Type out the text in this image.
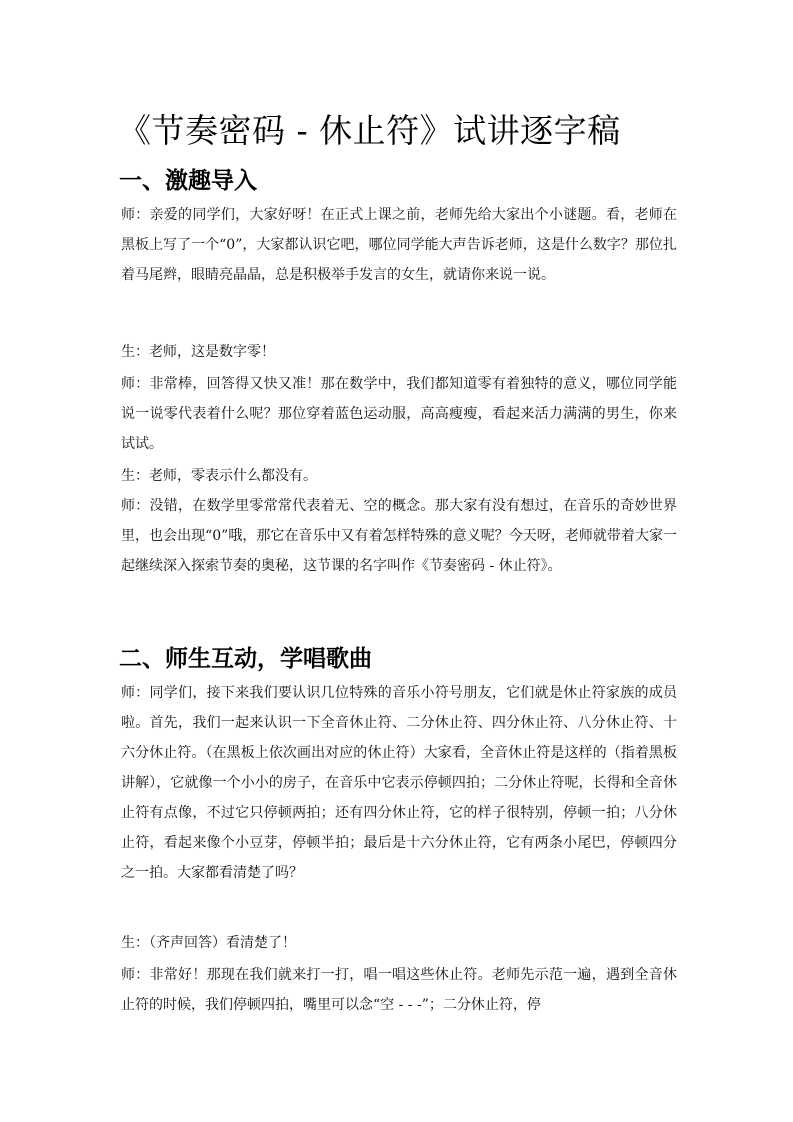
《节奏密码 - 休止符》试讲逐字稿
一、激趣导入

师：亲爱的同学们，大家好呀！在正式上课之前，老师先给大家出个小谜题。看，老师在黑板上写了一个“0”，大家都认识它吧，哪位同学能大声告诉老师，这是什么数字？那位扎着马尾辫，眼睛亮晶晶，总是积极举手发言的女生，就请你来说一说。

生：老师，这是数字零！

师：非常棒，回答得又快又准！那在数学中，我们都知道零有着独特的意义，哪位同学能说一说零代表着什么呢？那位穿着蓝色运动服，高高瘦瘦，看起来活力满满的男生，你来试试。

生：老师，零表示什么都没有。

师：没错，在数学里零常常代表着无、空的概念。那大家有没有想过，在音乐的奇妙世界里，也会出现“0”哦，那它在音乐中又有着怎样特殊的意义呢？今天呀，老师就带着大家一起继续深入探索节奏的奥秘，这节课的名字叫作《节奏密码 - 休止符》。

二、师生互动，学唱歌曲

师：同学们，接下来我们要认识几位特殊的音乐小符号朋友，它们就是休止符家族的成员啦。首先，我们一起来认识一下全音休止符、二分休止符、四分休止符、八分休止符、十六分休止符。（在黑板上依次画出对应的休止符）大家看，全音休止符是这样的（指着黑板讲解），它就像一个小小的房子，在音乐中它表示停顿四拍；二分休止符呢，长得和全音休止符有点像，不过它只停顿两拍；还有四分休止符，它的样子很特别，停顿一拍；八分休止符，看起来像个小豆芽，停顿半拍；最后是十六分休止符，它有两条小尾巴，停顿四分之一拍。大家都看清楚了吗？

生：（齐声回答）看清楚了！

师：非常好！那现在我们就来打一打，唱一唱这些休止符。老师先示范一遍，遇到全音休止符的时候，我们停顿四拍，嘴里可以念“空 - - -”；二分休止符，停
